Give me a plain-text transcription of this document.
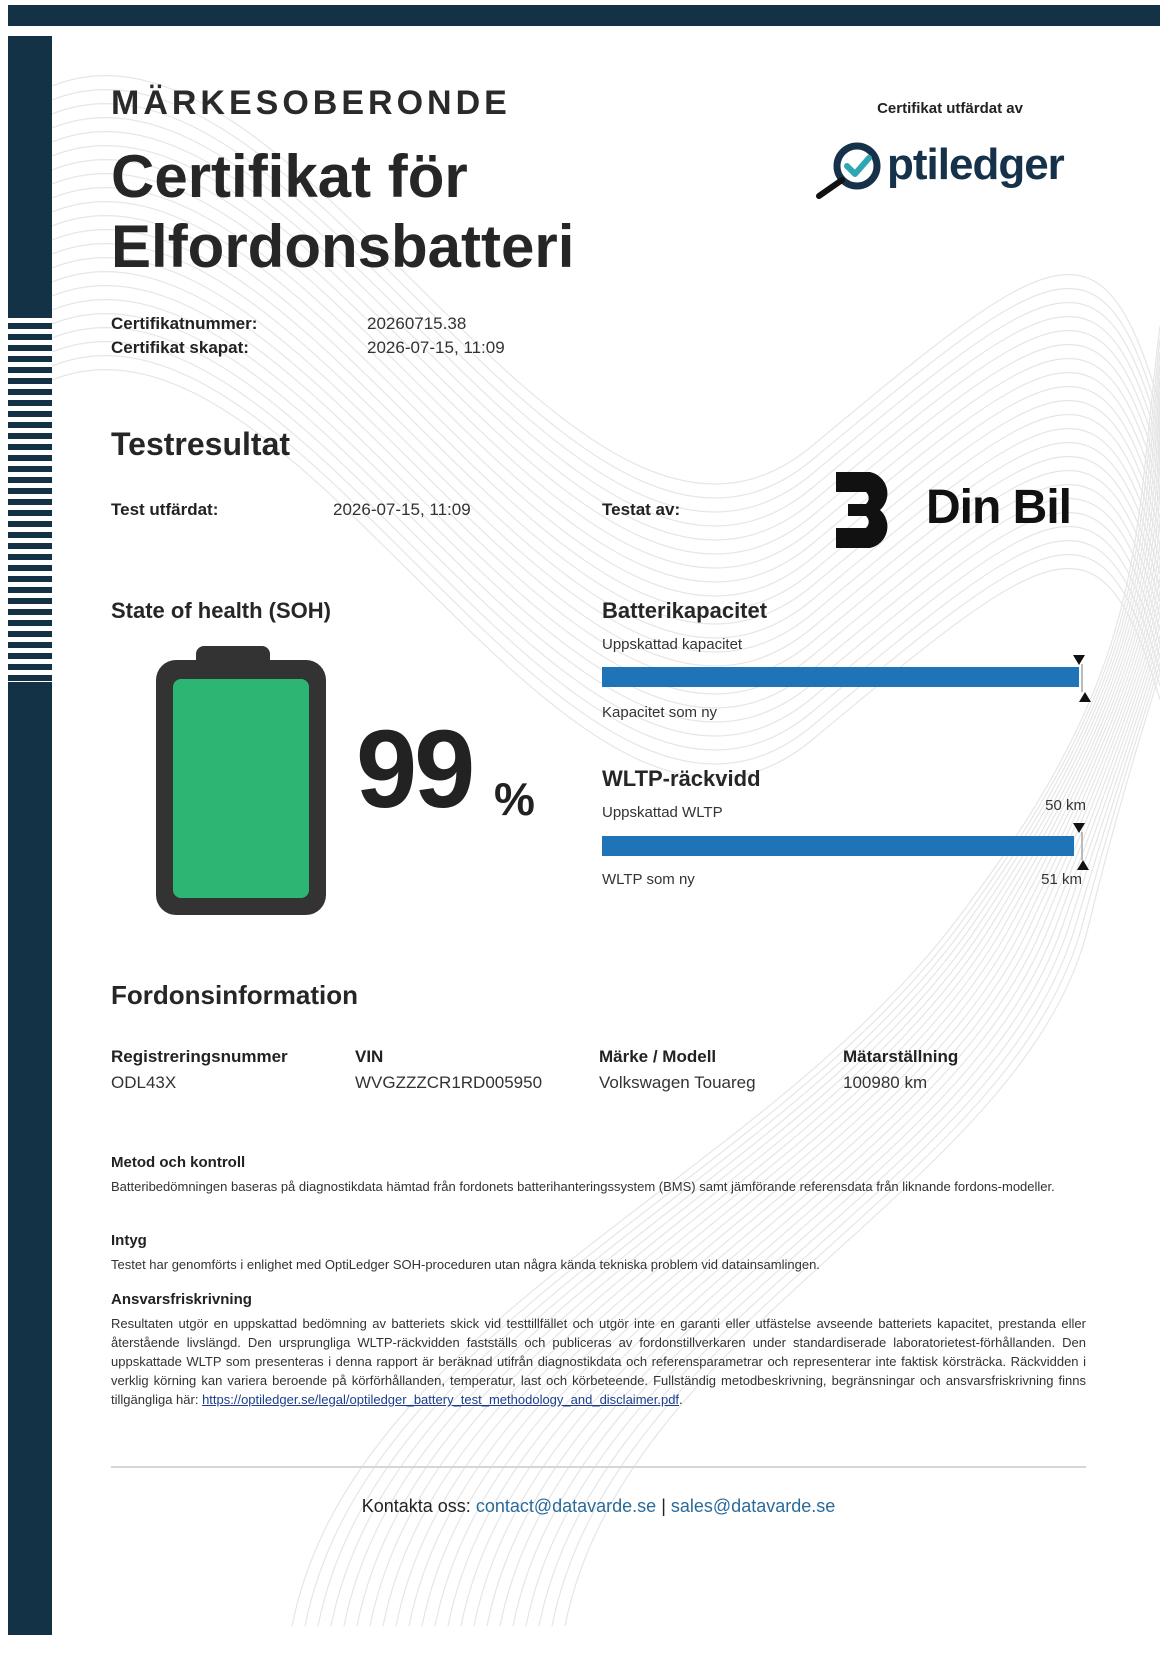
MÄRKESOBERONDE
Certifikat för Elfordonsbatteri
Certifikat utfärdat av
ptiledger
Certifikatnummer:	20260715.38
Certifikat skapat:	2026-07-15, 11:09
Testresultat
Test utfärdat:	2026-07-15, 11:09	Testat av:	Din Bil
State of health (SOH)
99 %
Batterikapacitet
Uppskattad kapacitet
Kapacitet som ny
WLTP-räckvidd
Uppskattad WLTP	50 km
WLTP som ny	51 km
Fordonsinformation
Registreringsnummer
ODL43X
VIN
WVGZZZCR1RD005950
Märke / Modell
Volkswagen Touareg
Mätarställning
100980 km
Metod och kontroll
Batteribedömningen baseras på diagnostikdata hämtad från fordonets batterihanteringssystem (BMS) samt jämförande referensdata från liknande fordons-modeller.
Intyg
Testet har genomförts i enlighet med OptiLedger SOH-proceduren utan några kända tekniska problem vid datainsamlingen.
Ansvarsfriskrivning
Resultaten utgör en uppskattad bedömning av batteriets skick vid testtillfället och utgör inte en garanti eller utfästelse avseende batteriets kapacitet, prestanda eller återstående livslängd. Den ursprungliga WLTP-räckvidden fastställs och publiceras av fordonstillverkaren under standardiserade laboratorietest-förhållanden. Den uppskattade WLTP som presenteras i denna rapport är beräknad utifrån diagnostikdata och referensparametrar och representerar inte faktisk körsträcka. Räckvidden i verklig körning kan variera beroende på körförhållanden, temperatur, last och körbeteende. Fullständig metodbeskrivning, begränsningar och ansvarsfriskrivning finns tillgängliga här: https://optiledger.se/legal/optiledger_battery_test_methodology_and_disclaimer.pdf.
Kontakta oss: contact@datavarde.se | sales@datavarde.se
